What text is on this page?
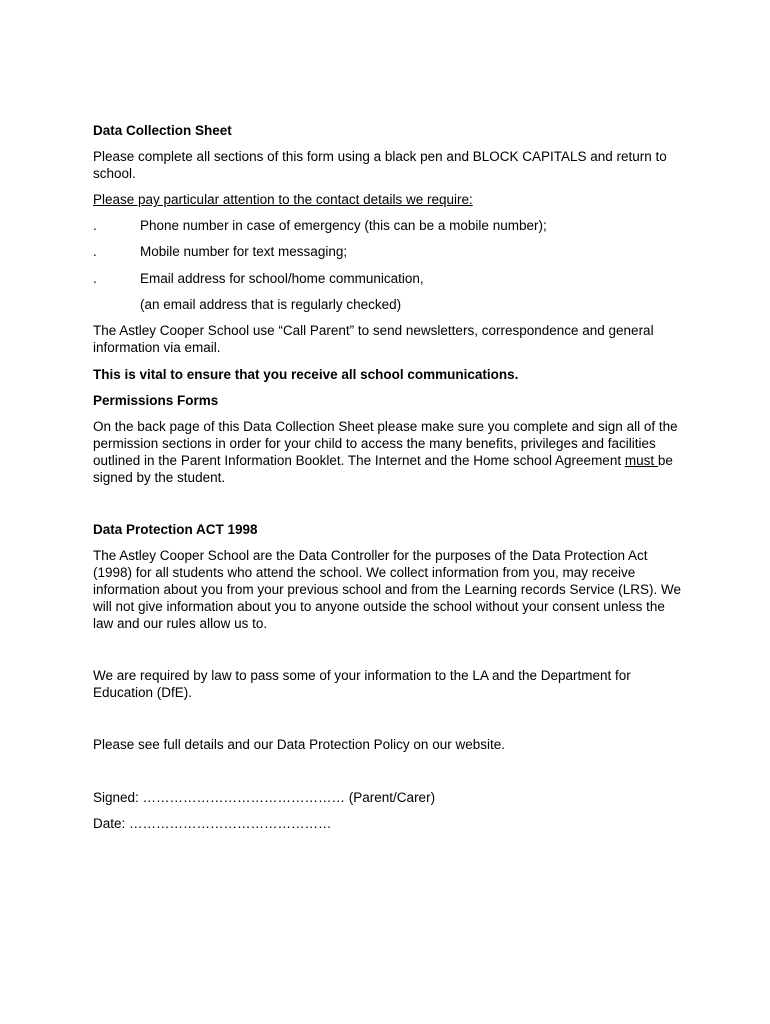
Data Collection Sheet

Please complete all sections of this form using a black pen and BLOCK CAPITALS and return to school.

Please pay particular attention to the contact details we require:

.	Phone number in case of emergency (this can be a mobile number);
.	Mobile number for text messaging;
.	Email address for school/home communication,
(an email address that is regularly checked)

The Astley Cooper School use “Call Parent” to send newsletters, correspondence and general information via email.

This is vital to ensure that you receive all school communications.

Permissions Forms

On the back page of this Data Collection Sheet please make sure you complete and sign all of the permission sections in order for your child to access the many benefits, privileges and facilities outlined in the Parent Information Booklet. The Internet and the Home school Agreement must be signed by the student.

Data Protection ACT 1998

The Astley Cooper School are the Data Controller for the purposes of the Data Protection Act (1998) for all students who attend the school. We collect information from you, may receive information about you from your previous school and from the Learning records Service (LRS). We will not give information about you to anyone outside the school without your consent unless the law and our rules allow us to.

We are required by law to pass some of your information to the LA and the Department for Education (DfE).

Please see full details and our Data Protection Policy on our website.

Signed: ……………………………………… (Parent/Carer)

Date: ………………………………………
